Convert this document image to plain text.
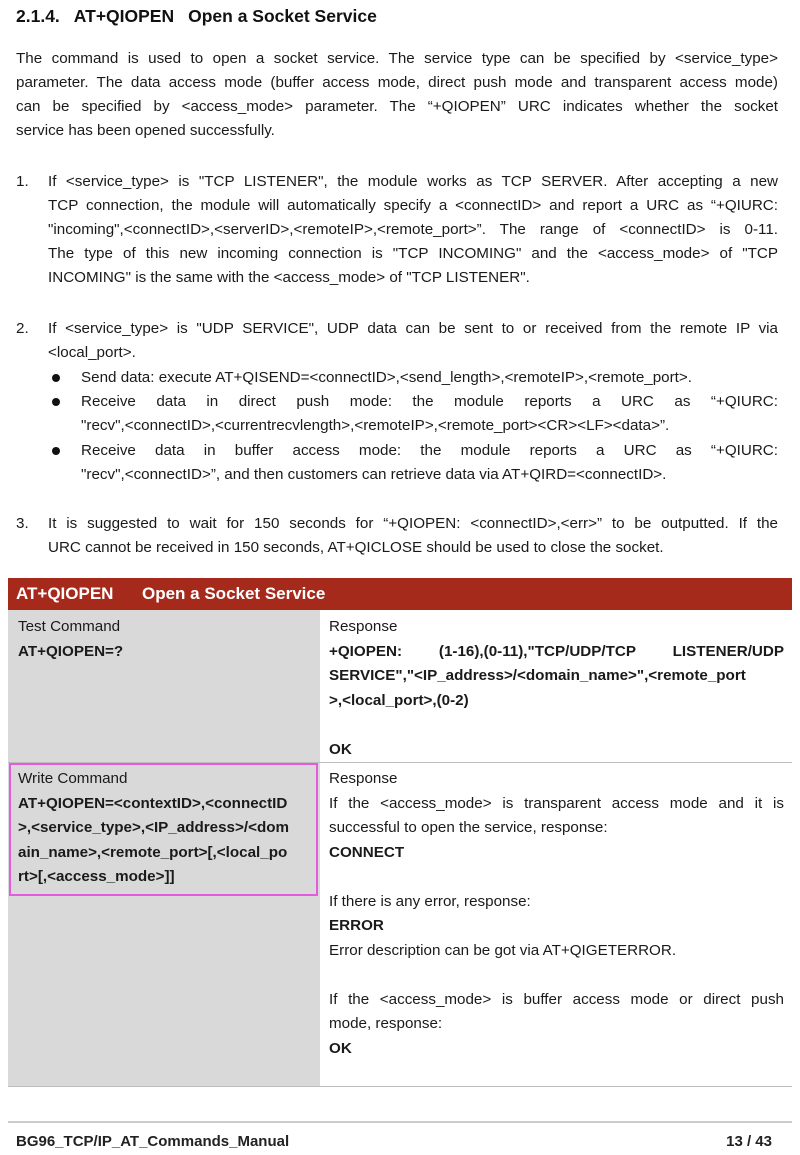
2.1.4. AT+QIOPEN Open a Socket Service
The command is used to open a socket service. The service type can be specified by <service_type>
parameter. The data access mode (buffer access mode, direct push mode and transparent access mode)
can be specified by <access_mode> parameter. The “+QIOPEN” URC indicates whether the socket
service has been opened successfully.
1. If <service_type> is "TCP LISTENER", the module works as TCP SERVER. After accepting a new
TCP connection, the module will automatically specify a <connectID> and report a URC as “+QIURC:
"incoming",<connectID>,<serverID>,<remoteIP>,<remote_port>”. The range of <connectID> is 0-11.
The type of this new incoming connection is "TCP INCOMING" and the <access_mode> of "TCP
INCOMING" is the same with the <access_mode> of "TCP LISTENER".
2. If <service_type> is "UDP SERVICE", UDP data can be sent to or received from the remote IP via
<local_port>.
Send data: execute AT+QISEND=<connectID>,<send_length>,<remoteIP>,<remote_port>.
Receive data in direct push mode: the module reports a URC as “+QIURC:
"recv",<connectID>,<currentrecvlength>,<remoteIP>,<remote_port><CR><LF><data>”.
Receive data in buffer access mode: the module reports a URC as “+QIURC:
"recv",<connectID>”, and then customers can retrieve data via AT+QIRD=<connectID>.
3. It is suggested to wait for 150 seconds for “+QIOPEN: <connectID>,<err>” to be outputted. If the
URC cannot be received in 150 seconds, AT+QICLOSE should be used to close the socket.
AT+QIOPEN Open a Socket Service
Test Command
AT+QIOPEN=?
Response
+QIOPEN: (1-16),(0-11),"TCP/UDP/TCP LISTENER/UDP
SERVICE","<IP_address>/<domain_name>",<remote_port
>,<local_port>,(0-2)
OK
Write Command
AT+QIOPEN=<contextID>,<connectID
>,<service_type>,<IP_address>/<dom
ain_name>,<remote_port>[,<local_po
rt>[,<access_mode>]]
Response
If the <access_mode> is transparent access mode and it is
successful to open the service, response:
CONNECT
If there is any error, response:
ERROR
Error description can be got via AT+QIGETERROR.
If the <access_mode> is buffer access mode or direct push
mode, response:
OK
BG96_TCP/IP_AT_Commands_Manual	13 / 43
